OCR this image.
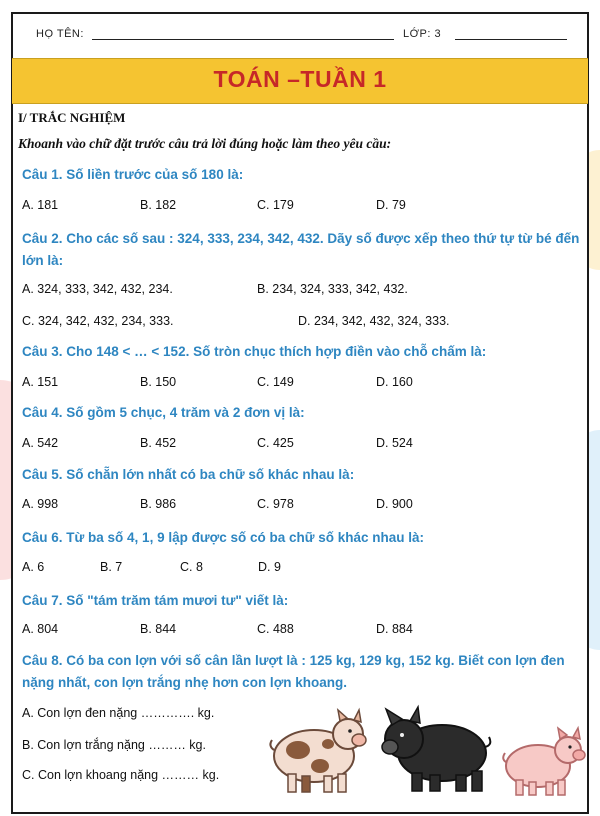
HỌ TÊN:	LỚP: 3
TOÁN –TUẦN 1
I/ TRẮC NGHIỆM
Khoanh vào chữ đặt trước câu trả lời đúng hoặc làm theo yêu cầu:
Câu 1. Số liền trước của số 180 là:
A. 181	B. 182	C. 179	D. 79
Câu 2. Cho các số sau : 324, 333, 234, 342, 432. Dãy số được xếp theo thứ tự từ bé đến lớn là:
A. 324, 333, 342, 432, 234.	B. 234, 324, 333, 342, 432.
C. 324, 342, 432, 234, 333.	D. 234, 342, 432, 324, 333.
Câu 3. Cho 148 < … < 152. Số tròn chục thích hợp điền vào chỗ chấm là:
A. 151	B. 150	C. 149	D. 160
Câu 4. Số gồm 5 chục, 4 trăm và 2 đơn vị là:
A. 542	B. 452	C. 425	D. 524
Câu 5. Số chẵn lớn nhất có ba chữ số khác nhau là:
A. 998	B. 986	C. 978	D. 900
Câu 6. Từ ba số 4, 1, 9 lập được số có ba chữ số khác nhau là:
A. 6	B. 7	C. 8	D. 9
Câu 7. Số "tám trăm tám mươi tư" viết là:
A. 804	B. 844	C. 488	D. 884
Câu 8. Có ba con lợn với số cân lần lượt là : 125 kg, 129 kg, 152 kg. Biết con lợn đen nặng nhất, con lợn trắng nhẹ hơn con lợn khoang.
A. Con lợn đen nặng …………. kg.
B. Con lợn trắng nặng ……… kg.
C. Con lợn khoang nặng ……… kg.
